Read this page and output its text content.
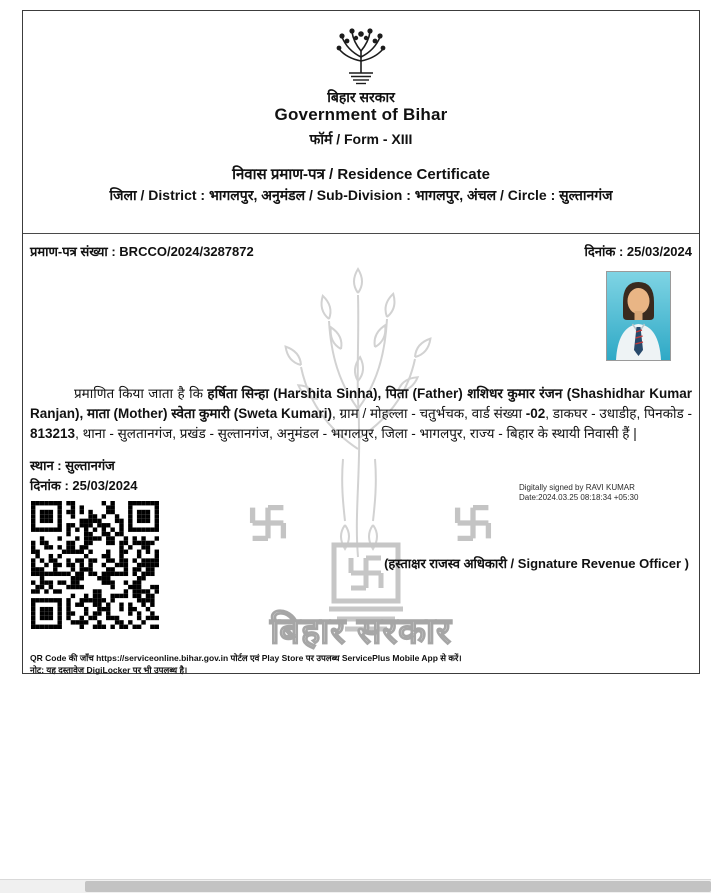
बिहार सरकार
बिहार सरकार
Government of Bihar
फॉर्म / Form - XIII
निवास प्रमाण-पत्र / Residence Certificate
जिला / District : भागलपुर, अनुमंडल / Sub-Division : भागलपुर, अंचल / Circle : सुल्तानगंज
प्रमाण-पत्र संख्या : BRCCO/2024/3287872	दिनांक : 25/03/2024

प्रमाणित किया जाता है कि हर्षिता सिन्हा (Harshita Sinha), पिता (Father) शशिधर कुमार रंजन (Shashidhar Kumar Ranjan), माता (Mother) स्वेता कुमारी (Sweta Kumari), ग्राम / मोहल्ला - चतुर्भचक, वार्ड संख्या -02, डाकघर - उधाडीह, पिनकोड - 813213, थाना - सुलतानगंज, प्रखंड - सुल्तानगंज, अनुमंडल - भागलपुर, जिला - भागलपुर, राज्य - बिहार के स्थायी निवासी हैं |

स्थान : सुल्तानगंज
दिनांक : 25/03/2024	Digitally signed by RAVI KUMAR
Date:2024.03.25 08:18:34 +05:30
(हस्ताक्षर राजस्व अधिकारी / Signature Revenue Officer )
QR Code की जाँच https://serviceonline.bihar.gov.in पोर्टल एवं Play Store पर उपलब्ध ServicePlus Mobile App से करें।
नोट: यह दस्तावेज DigiLocker पर भी उपलब्ध है।
